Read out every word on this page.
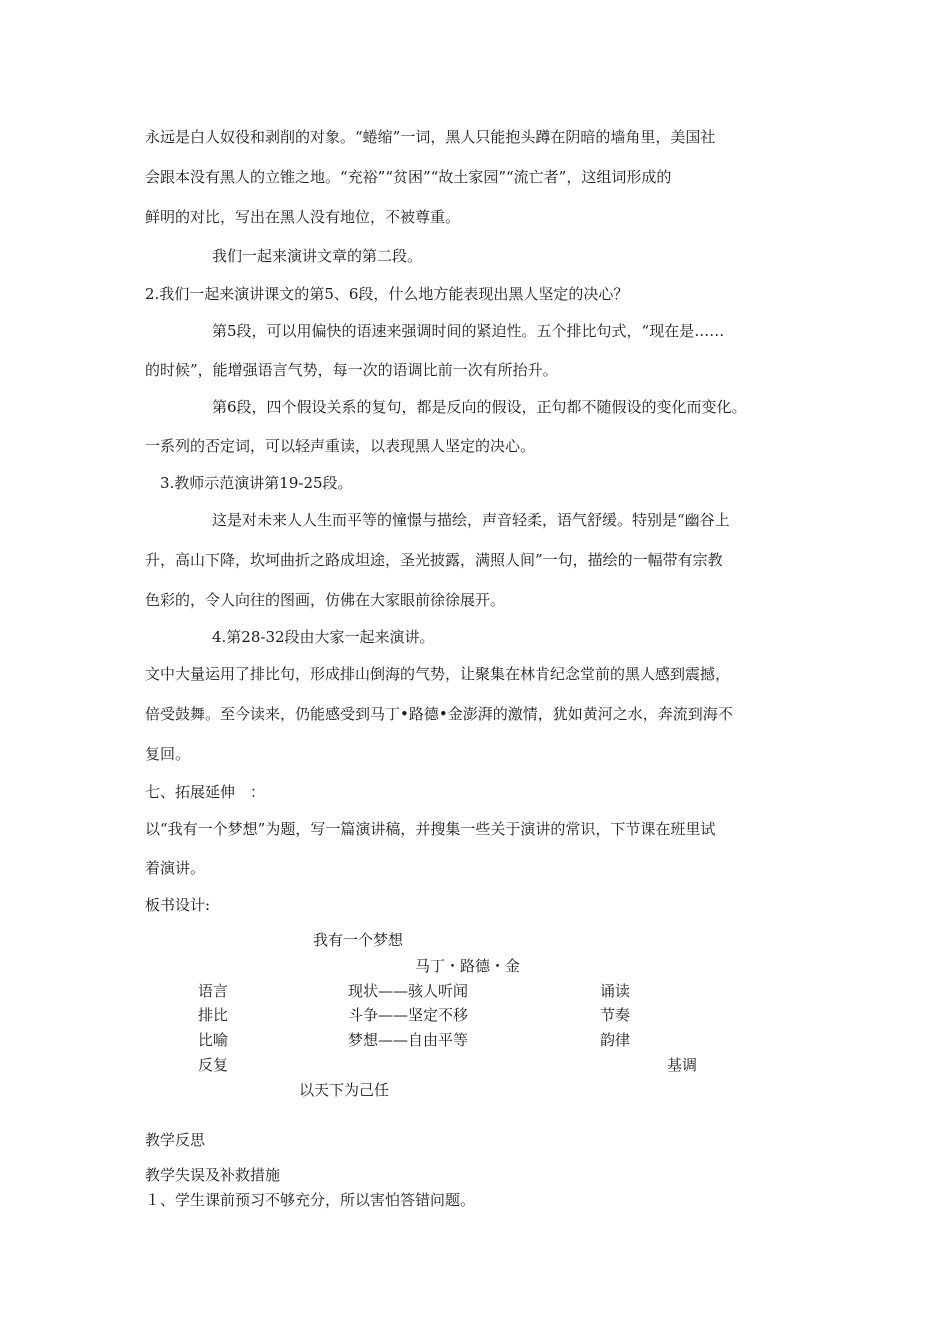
永远是白人奴役和剥削的对象。“蜷缩”一词，黑人只能抱头蹲在阴暗的墙角里，美国社
会跟本没有黑人的立锥之地。“充裕”“贫困”“故土家园”“流亡者”，这组词形成的
鲜明的对比，写出在黑人没有地位，不被尊重。
我们一起来演讲文章的第二段。
2.我们一起来演讲课文的第5、6段，什么地方能表现出黑人坚定的决心？
第5段，可以用偏快的语速来强调时间的紧迫性。五个排比句式，“现在是……
的时候”，能增强语言气势，每一次的语调比前一次有所抬升。
第6段，四个假设关系的复句，都是反向的假设，正句都不随假设的变化而变化。
一系列的否定词，可以轻声重读，以表现黑人坚定的决心。
3.教师示范演讲第19-25段。
这是对未来人人生而平等的憧憬与描绘，声音轻柔，语气舒缓。特别是“幽谷上
升，高山下降，坎坷曲折之路成坦途，圣光披露，满照人间”一句，描绘的一幅带有宗教
色彩的，令人向往的图画，仿佛在大家眼前徐徐展开。
4.第28-32段由大家一起来演讲。
文中大量运用了排比句，形成排山倒海的气势，让聚集在林肯纪念堂前的黑人感到震撼，
倍受鼓舞。至今读来，仍能感受到马丁•路德•金澎湃的激情，犹如黄河之水，奔流到海不
复回。
七、拓展延伸　：
以“我有一个梦想”为题，写一篇演讲稿，并搜集一些关于演讲的常识，下节课在班里试
着演讲。
板书设计:
我有一个梦想
马丁・路德・金
语言
排比
比喻
反复
现状——骇人听闻
斗争——坚定不移
梦想——自由平等
诵读
节奏
韵律
基调
以天下为己任
教学反思
教学失误及补救措施
１、学生课前预习不够充分，所以害怕答错问题。
